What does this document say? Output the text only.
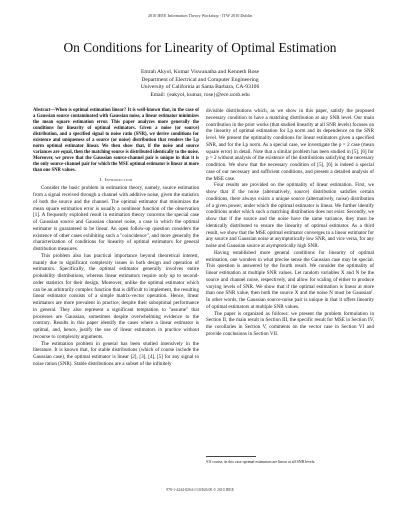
2010 IEEE Information Theory Workshop - ITW 2010 Dublin
On Conditions for Linearity of Optimal Estimation
Emrah Akyol, Kumar Viswanatha and Kenneth Rose
Department of Electrical and Computer Engineering
University of California at Santa Barbara, CA-93106
Email: {eakyol, kumar, rose}@ece.ucsb.edu

Abstract—When is optimal estimation linear? It is well-known that, in the case of a Gaussian source contaminated with Gaussian noise, a linear estimator minimizes the mean square estimation error. This paper analyzes more generally the conditions for linearity of optimal estimators. Given a noise (or source) distribution, and a specified signal to noise ratio (SNR), we derive conditions for existence and uniqueness of a source (or noise) distribution that renders the Lp norm optimal estimator linear. We then show that, if the noise and source variances are equal, then the matching source is distributed identically to the noise. Moreover, we prove that the Gaussian source-channel pair is unique in that it is the only source-channel pair for which the MSE optimal estimator is linear at more than one SNR values.

I. Introduction

Consider the basic problem in estimation theory, namely, source estimation from a signal received through a channel with additive noise, given the statistics of both the source and the channel. The optimal estimator that minimizes the mean square estimation error is usually a nonlinear function of the observation [1]. A frequently exploited result in estimation theory concerns the special case of Gaussian source and Gaussian channel noise, a case in which the optimal estimator is guaranteed to be linear. An open follow-up question considers the existence of other cases exhibiting such a "coincidence", and more generally the characterization of conditions for linearity of optimal estimators for general distribution measures.

This problem also has practical importance beyond theoretical interest, mainly due to significant complexity issues in both design and operation of estimators. Specifically, the optimal estimator generally involves entire probability distributions, whereas linear estimators require only up to second-order statistics for their design. Moreover, unlike the optimal estimator which can be an arbitrarily complex function that is difficult to implement, the resulting linear estimator consists of a simple matrix-vector operation. Hence, linear estimators are more prevalent in practice, despite their suboptimal performance in general. They also represent a significant temptation to "assume" that processes are Gaussian, sometimes despite overwhelming evidence to the contrary. Results in this paper identify the cases where a linear estimator is optimal, and, hence, justify the use of linear estimators in practice without recourse to complexity arguments.

The estimation problem in general has been studied intensively in the literature. It is known that, for stable distributions (which of course include the Gaussian case), the optimal estimator is linear [2], [3], [4], [5] for any signal to noise ration (SNR). Stable distributions are a subset of the infinitely

divisible distributions which, as we show in this paper, satisfy the proposed necessary condition to have a matching distribution at any SNR level. Our main contribution in the prior works (that studied linearity at all SNR levels) focuses on the linearity of optimal estimation for Lp norm and its dependence on the SNR level. We present the optimality conditions for linear estimators given a specified SNR, and for the Lp norm. As a special case, we investigate the p = 2 case (mean square error) in detail. Note that a similar problem has been studied in [5], [6] for p = 2 without analysis of the existence of the distributions satisfying the necessary condition. We show that the necessary condition of [5], [6] is indeed a special case of our necessary and sufficient conditions, and present a detailed analysis of the MSE case.

Four results are provided on the optimality of linear estimation. First, we show that if the noise (alternatively, source) distribution satisfies certain conditions, there always exists a unique source (alternatively, noise) distribution of a given power, under which the optimal estimator is linear. We further identify conditions under which such a matching distribution does not exist. Secondly, we show that if the source and the noise have the same variance, they must be identically distributed to ensure the linearity of optimal estimator. As a third result, we show that the MSE optimal estimator converges to a linear estimator for any source and Gaussian noise at asymptotically low SNR, and vice versa, for any noise and Gaussian source at asymptotically high SNR.

Having established more general conditions for linearity of optimal estimation, one wonders in what precise sense the Gaussian case may be special. This question is answered by the fourth result. We consider the optimality of linear estimation at multiple SNR values. Let random variables X and N be the source and channel noise, respectively, and allow for scaling of either to produce varying levels of SNR. We show that if the optimal estimation is linear at more than one SNR value, then both the source X and the noise N must be Gaussian¹. In other words, the Gaussian source-noise pair is unique in that it offers linearity of optimal estimators at multiple SNR values.

The paper is organized as follows: we present the problem formulation in Section II, the main result in Section III, the specific result for MSE in Section IV, the corollaries in Section V, comments on the vector case in Section VI and provide conclusions in Section VII.

¹Of course, in this case optimal estimators are linear at all SNR levels.
978-1-4244-8264-1/10/$26.00 © 2010 IEEE
